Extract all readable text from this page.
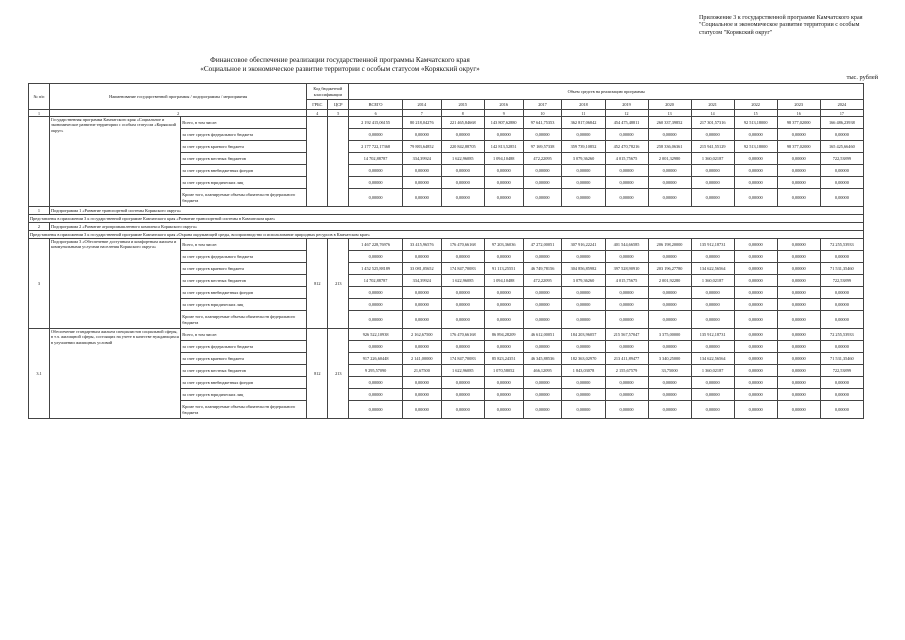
Приложение 3 к государственной программе Камчатского края
"Социальное и экономическое развитие территории с особым
статусом "Корякский округ"
Финансовое обеспечение реализации государственной программы Камчатского края
«Социальное и экономическое развитие территории с особым статусом «Корякский округ»
тыс. рублей
№ п/п	Наименование государственной программы / подпрограммы / мероприятия		Код бюджетной классификации		Объем средств на реализацию программы											
			ГРБС	ЦСР	ВСЕГО	2014	2015	2016	2017	2018	2019	2020	2021	2022	2023	2024
1	2		4	5	6	7	8	9	10	11	12	13	14	15	16	17
	Государственная программа Камчатского края «Социальное и экономическое развитие территории с особым статусом «Корякский округ»	Всего, в том числе:			2 192 415,06155	80 218,04276	221 465,84668	143 807,62880	97 641,75353	362 817,06842	454 475,48811	260 337,39852	217 301,57316	92 513,18000	98 377,02000	166 486,23938
		за счет средств федерального бюджета			0,00000	0,00000	0,00000	0,00000	0,00000	0,00000	0,00000	0,00000	0,00000	0,00000	0,00000	0,00000
		за счет средств краевого бюджета			2 177 722,17368	79 883,64852	220 842,88705	142 813,52851	97 169,57338	359 739,10852	452 470,78216	258 336,06361	215 941,55129	92 513,18000	98 377,02000	165 425,66460
		за счет средств местных бюджетов			14 702,88787	334,39924	1 622,96085	1 094,10488	472,22095	3 079,36260	4 015,75675	2 001,32980	1 360,02187	0,00000	0,00000	722,53899
		за счет средств внебюджетных фондов			0,00000	0,00000	0,00000	0,00000	0,00000	0,00000	0,00000	0,00000	0,00000	0,00000	0,00000	0,00000
		за счет средств юридических лиц			0,00000	0,00000	0,00000	0,00000	0,00000	0,00000	0,00000	0,00000	0,00000	0,00000	0,00000	0,00000
		Кроме того, планируемые объемы обязательств федерального бюджета			0,00000	0,00000	0,00000	0,00000	0,00000	0,00000	0,00000	0,00000	0,00000	0,00000	0,00000	0,00000
1	Подпрограмма 1 «Развитие транспортной системы Корякского округа»															
Представлены в приложении 3 к государственной программе Камчатского края «Развитие транспортной системы в Камчатском крае»																
2	Подпрограмма 2 «Развитие агропромышленного комплекса Корякского округа»															
Представлены в приложении 3 к государственной программе Камчатского края «Охрана окружающей среды, воспроизводство и использование природных ресурсов в Камчатском крае»																
3	Подпрограмма 3 «Обеспечение доступным и комфортным жильем и коммунальными услугами населения Корякского округа»	Всего, в том числе:	812	213	1 467 228,76976	33 415,96576	176 470,66168	97 203,36036	47 272,00051	307 916,22241	401 544,66585	206 198,20000	135 912,18731	0,00000	0,00000	72 255,53933
		за счет средств федерального бюджета			0,00000	0,00000	0,00000	0,00000	0,00000	0,00000	0,00000	0,00000	0,00000	0,00000	0,00000	0,00000
		за счет средств краевого бюджета			1 452 525,88189	33 081,05652	174 847,70083	91 113,25551	46 749,78156	304 856,85982	397 528,90910	203 196,27780	134 622,56564	0,00000	0,00000	71 531,35460
		за счет средств местных бюджетов			14 702,88787	334,39924	1 622,96085	1 094,10488	472,22095	3 079,36260	4 015,75675	2 001,92280	1 360,02187	0,00000	0,00000	722,53899
		за счет средств внебюджетных фондов			0,00000	0,00000	0,00000	0,00000	0,00000	0,00000	0,00000	0,00000	0,00000	0,00000	0,00000	0,00000
		за счет средств юридических лиц			0,00000	0,00000	0,00000	0,00000	0,00000	0,00000	0,00000	0,00000	0,00000	0,00000	0,00000	0,00000
		Кроме того, планируемые объемы обязательств федерального бюджета			0,00000	0,00000	0,00000	0,00000	0,00000	0,00000	0,00000	0,00000	0,00000	0,00000	0,00000	0,00000
3.1	Обеспечение стандартным жильем специалистов социальной сферы, в т.ч. жилищной сферы, состоящих на учете в качестве нуждающихся в улучшении жилищных условий	Всего, в том числе:	812	213	926 522,10938	2 162,67500	176 470,66168	86 894,28209	46 612,00051	184 203,96057	215 567,57047	3 375,00000	135 912,18731	0,00000	0,00000	72 255,53933
		за счет средств федерального бюджета			0,00000	0,00000	0,00000	0,00000	0,00000	0,00000	0,00000	0,00000	0,00000	0,00000	0,00000	0,00000
		за счет средств краевого бюджета			917 226,60448	2 141,00000	174 847,70083	85 823,24351	46 345,88536	182 363,02970	213 411,89477	3 340,25000	134 622,56564	0,00000	0,00000	71 531,35460
		за счет средств местных бюджетов			9 295,57090	21,67500	1 622,96085	1 070,58052	466,12095	1 843,03078	2 155,67579	33,75000	1 360,02187	0,00000	0,00000	722,53899
		за счет средств внебюджетных фондов			0,00000	0,00000	0,00000	0,00000	0,00000	0,00000	0,00000	0,00000	0,00000	0,00000	0,00000	0,00000
		за счет средств юридических лиц			0,00000	0,00000	0,00000	0,00000	0,00000	0,00000	0,00000	0,00000	0,00000	0,00000	0,00000	0,00000
		Кроме того, планируемые объемы обязательств федерального бюджета			0,00000	0,00000	0,00000	0,00000	0,00000	0,00000	0,00000	0,00000	0,00000	0,00000	0,00000	0,00000
